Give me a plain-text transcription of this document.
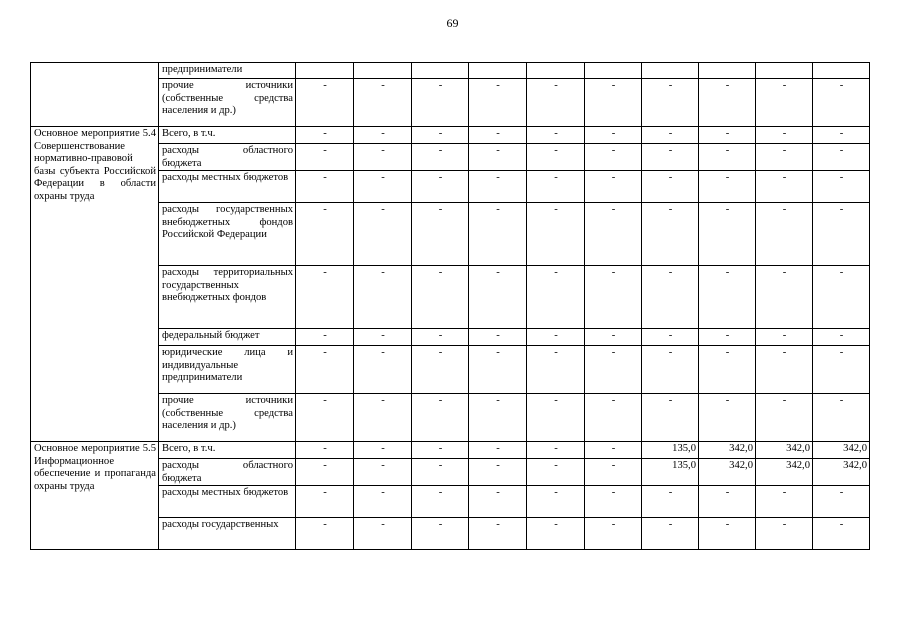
69
	предприниматели										
	прочие источники (собственные средства населения и др.)	-	-	-	-	-	-	-	-	-	-
Основное мероприятие 5.4 Совершенствование нормативно-правовой базы субъекта Российской Федерации в области охраны труда	Всего, в т.ч.	-	-	-	-	-	-	-	-	-	-
	расходы областного бюджета	-	-	-	-	-	-	-	-	-	-
	расходы местных бюджетов	-	-	-	-	-	-	-	-	-	-
	расходы государственных внебюджетных фондов Российской Федерации	-	-	-	-	-	-	-	-	-	-
	расходы территориальных государственных внебюджетных фондов	-	-	-	-	-	-	-	-	-	-
	федеральный бюджет	-	-	-	-	-	-	-	-	-	-
	юридические лица и индивидуальные предприниматели	-	-	-	-	-	-	-	-	-	-
	прочие источники (собственные средства населения и др.)	-	-	-	-	-	-	-	-	-	-
Основное мероприятие 5.5 Информационное обеспечение и пропаганда охраны труда	Всего, в т.ч.	-	-	-	-	-	-	135,0	342,0	342,0	342,0
	расходы областного бюджета	-	-	-	-	-	-	135,0	342,0	342,0	342,0
	расходы местных бюджетов	-	-	-	-	-	-	-	-	-	-
	расходы государственных	-	-	-	-	-	-	-	-	-	-
